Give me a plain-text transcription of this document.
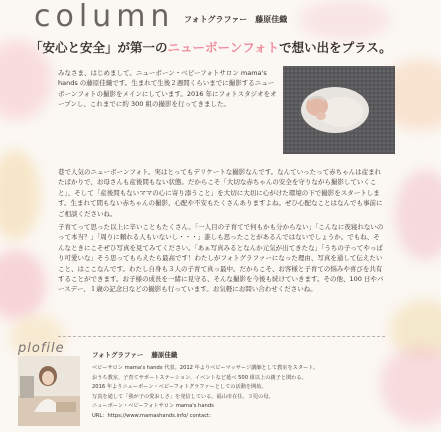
column フォトグラファー 藤原佳織
「安心と安全」が第一のニューボーンフォトで想い出をプラス。

みなさま、はじめまして。ニューボーン・ベビーフォトサロン mama's hands の藤原佳織です。生まれて生後２週間くらいまでに撮影するニューボーンフォトの撮影をメインにしています。2016 年にフォトスタジオをオープンし、これまでに約 300 組の撮影を行ってきました。

巷で人気のニューボーンフォト。実はとってもデリケートな撮影なんです。なんていったって赤ちゃんは産まれたばかりで、お母さんも産後間もない状態。だからこそ「大切な赤ちゃんの安全を守りながら撮影していくこと」、そして「産後間もないママの心に寄り添うこと」を大切に大切に心がけた環境の下で撮影をスタートします。生まれて間もない赤ちゃんの撮影、心配や不安もたくさんありますよね。ぜひ心配なことはなんでも事前にご相談くださいね。

子育てって思った以上に辛いこともたくさん。「一人目の子育てで何もかも分からない」「こんなに夜寝れないのって本当？」「周りに頼れる人もいないし・・・」誰しも思ったことがあるんではないでしょうか。でもね、そんなときにこそぜひ写真を見てみてください。「あぁ写真みるとなんか元気が出てきたな」「うちの子ってやっぱり可愛いな」そう思ってもらえたら最高です！わたしがフォトグラファーになった理由、写真を通して伝えたいこと、はここなんです。わたし自身も３人の子育て真っ最中。だからこそ、お客様と子育ての悩みや喜びを共有することができます。お子様の成長を一緒に見守る、そんな撮影を今後も続けていきます。その他、100 日やバースデー、１歳の記念日などの撮影も行っています。お気軽にお問い合わせくださいね。

plofile	フォトグラファー 藤原佳織
ベビーサロン mama's hands 代表。2012 年よりベビーマッサージ講師として教室をスタート。
おうち教室、子育てサポートステーション、イベントなど延べ 500 組以上の親子と関わる。
2016 年よりニューボーン・ベビーフォトグラファーとしての活動を開始。
写真を通して「我が子の愛おしさ」を発信している。福山市在住。３児の母。
ニューボーン・ベビーフォトサロン mama's hands
URL：https://www.mamashands.info/ contact：
